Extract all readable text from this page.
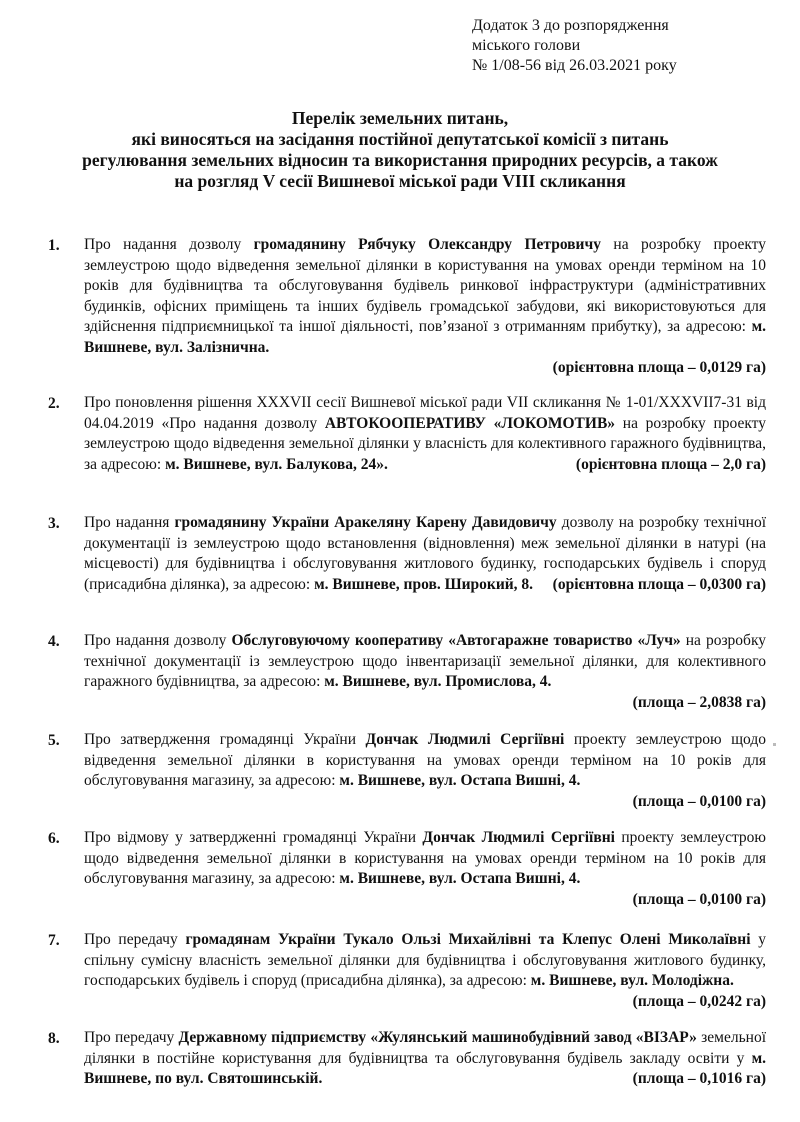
Додаток 3 до розпорядження
міського голови
№ 1/08-56 від 26.03.2021 року
Перелік земельних питань,
які виносяться на засідання постійної депутатської комісії з питань
регулювання земельних відносин та використання природних ресурсів, а також
на розгляд V сесії Вишневої міської ради VIII скликання
1.	Про надання дозволу громадянину Рябчуку Олександру Петровичу на розробку проекту землеустрою щодо відведення земельної ділянки в користування на умовах оренди терміном на 10 років для будівництва та обслуговування будівель ринкової інфраструктури (адміністративних будинків, офісних приміщень та інших будівель громадської забудови, які використовуються для здійснення підприємницької та іншої діяльності, пов’язаної з отриманням прибутку), за адресою: м. Вишневе, вул. Залізнична.
(орієнтовна площа – 0,0129 га)
2.	Про поновлення рішення XXXVII сесії Вишневої міської ради VII скликання № 1-01/XXXVII7-31 від 04.04.2019 «Про надання дозволу АВТОКООПЕРАТИВУ «ЛОКОМОТИВ» на розробку проекту землеустрою щодо відведення земельної ділянки у власність для колективного гаражного будівництва, за адресою: м. Вишневе, вул. Балукова, 24».	(орієнтовна площа – 2,0 га)
3.	Про надання громадянину України Аракеляну Карену Давидовичу дозволу на розробку технічної документації із землеустрою щодо встановлення (відновлення) меж земельної ділянки в натурі (на місцевості) для будівництва і обслуговування житлового будинку, господарських будівель і споруд (присадибна ділянка), за адресою: м. Вишневе, пров. Широкий, 8. (орієнтовна площа – 0,0300 га)
4.	Про надання дозволу Обслуговуючому кооперативу «Автогаражне товариство «Луч» на розробку технічної документації із землеустрою щодо інвентаризації земельної ділянки, для колективного гаражного будівництва, за адресою: м. Вишневе, вул. Промислова, 4.
(площа – 2,0838 га)
5.	Про затвердження громадянці України Дончак Людмилі Сергіївні проекту землеустрою щодо відведення земельної ділянки в користування на умовах оренди терміном на 10 років для обслуговування магазину, за адресою: м. Вишневе, вул. Остапа Вишні, 4.
(площа – 0,0100 га)
6.	Про відмову у затвердженні громадянці України Дончак Людмилі Сергіївні проекту землеустрою щодо відведення земельної ділянки в користування на умовах оренди терміном на 10 років для обслуговування магазину, за адресою: м. Вишневе, вул. Остапа Вишні, 4.
(площа – 0,0100 га)
7.	Про передачу громадянам України Тукало Ользі Михайлівні та Клепус Олені Миколаївні у спільну сумісну власність земельної ділянки для будівництва і обслуговування житлового будинку, господарських будівель і споруд (присадибна ділянка), за адресою: м. Вишневе, вул. Молодіжна.
(площа – 0,0242 га)
8.	Про передачу Державному підприємству «Жулянський машинобудівний завод «ВІЗАР» земельної ділянки в постійне користування для будівництва та обслуговування будівель закладу освіти у м. Вишневе, по вул. Святошинській.	(площа – 0,1016 га)
